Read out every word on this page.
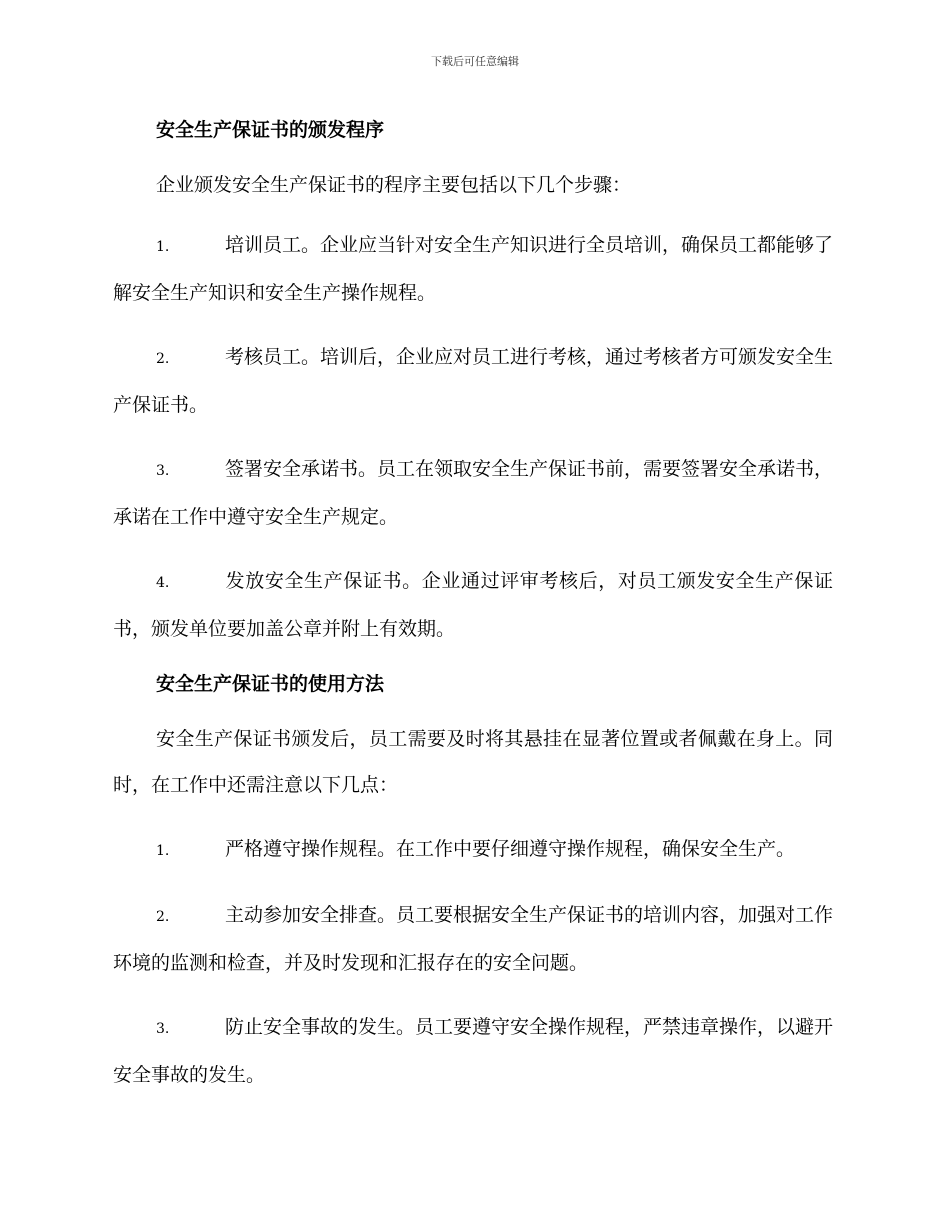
下载后可任意编辑
安全生产保证书的颁发程序

企业颁发安全生产保证书的程序主要包括以下几个步骤：

1.	培训员工。企业应当针对安全生产知识进行全员培训，确保员工都能够了解安全生产知识和安全生产操作规程。

2.	考核员工。培训后，企业应对员工进行考核，通过考核者方可颁发安全生产保证书。

3.	签署安全承诺书。员工在领取安全生产保证书前，需要签署安全承诺书，承诺在工作中遵守安全生产规定。

4.	发放安全生产保证书。企业通过评审考核后，对员工颁发安全生产保证书，颁发单位要加盖公章并附上有效期。

安全生产保证书的使用方法

安全生产保证书颁发后，员工需要及时将其悬挂在显著位置或者佩戴在身上。同时，在工作中还需注意以下几点：

1.	严格遵守操作规程。在工作中要仔细遵守操作规程，确保安全生产。

2.	主动参加安全排查。员工要根据安全生产保证书的培训内容，加强对工作环境的监测和检查，并及时发现和汇报存在的安全问题。

3.	防止安全事故的发生。员工要遵守安全操作规程，严禁违章操作，以避开安全事故的发生。
